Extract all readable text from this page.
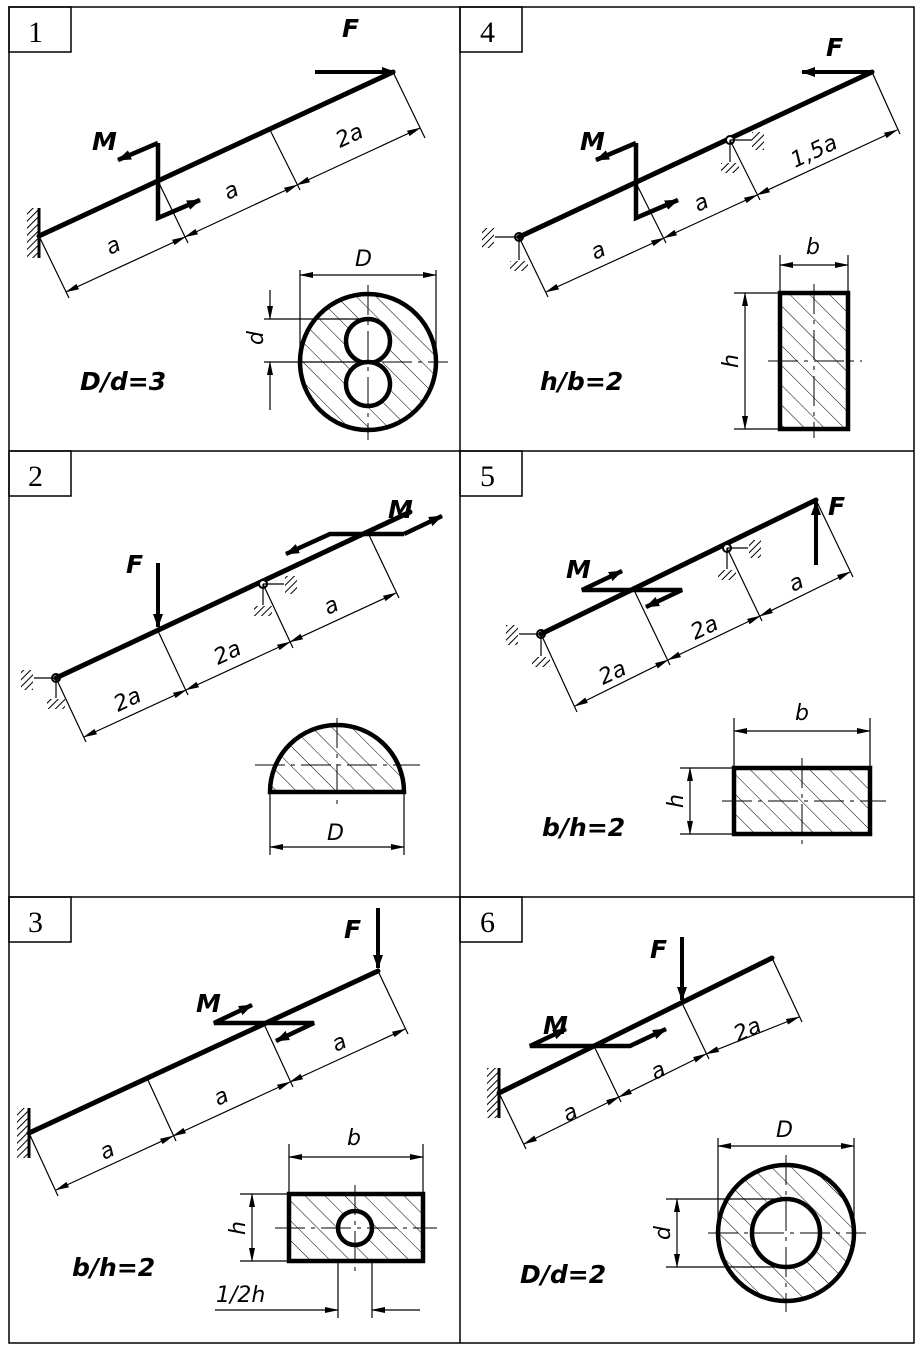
1	F
M
a
a
2a
D
d
D/d=3
4	F
M
a
a
1,5a
b
h
h/b=2
2
F
M
2a
2a
a
D
5
F
M
2a
2a
a
b
h
b/h=2
3	F
M
a
a
a
b
h
1/2h
b/h=2
6
F
M
a
a
2a
D
d
D/d=2
